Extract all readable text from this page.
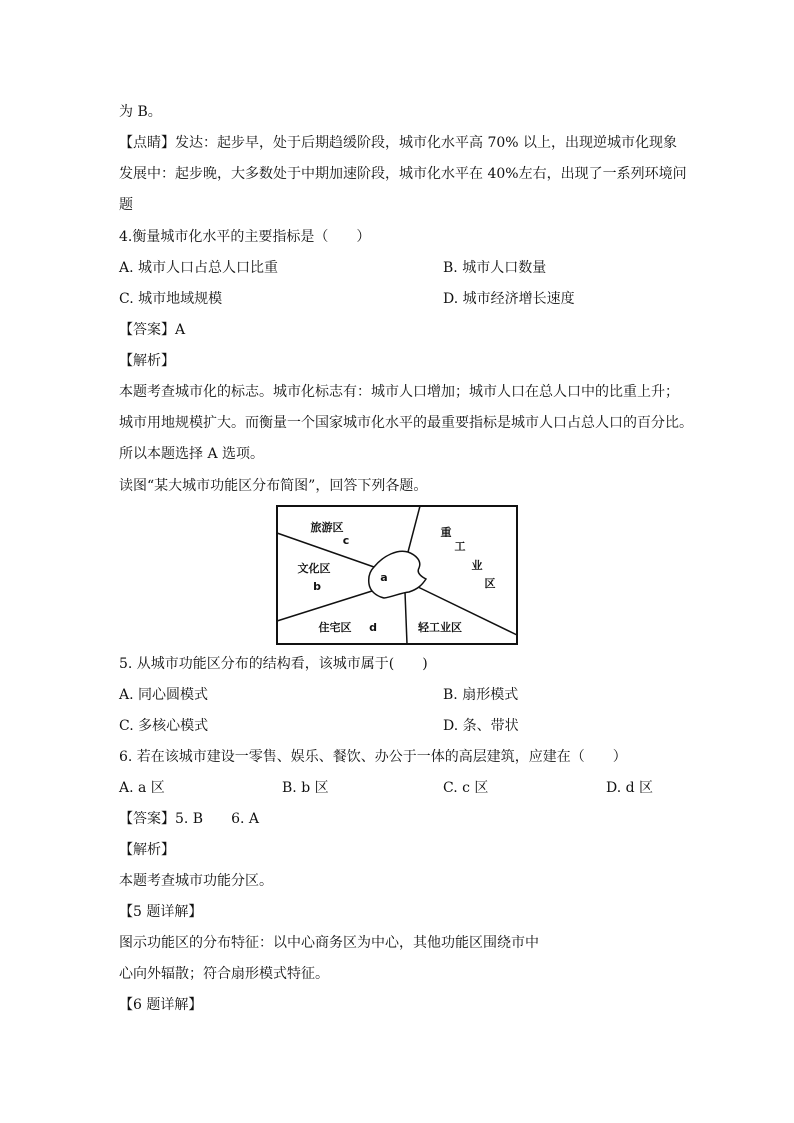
为 B。
【点睛】发达：起步早，处于后期趋缓阶段，城市化水平高 70% 以上，出现逆城市化现象
发展中：起步晚，大多数处于中期加速阶段，城市化水平在 40%左右，出现了一系列环境问
题
4.衡量城市化水平的主要指标是（　　）
A. 城市人口占总人口比重	B. 城市人口数量
C. 城市地域规模	D. 城市经济增长速度
【答案】A
【解析】
本题考查城市化的标志。城市化标志有：城市人口增加；城市人口在总人口中的比重上升；
城市用地规模扩大。而衡量一个国家城市化水平的最重要指标是城市人口占总人口的百分比。
所以本题选择 A 选项。
读图“某大城市功能区分布简图”，回答下列各题。
旅游区
c
文化区
b
a
重
工
业
区
住宅区 d	轻工业区
5. 从城市功能区分布的结构看，该城市属于(　　)
A. 同心圆模式	B. 扇形模式
C. 多核心模式	D. 条、带状
6. 若在该城市建设一零售、娱乐、餐饮、办公于一体的高层建筑，应建在（　　）
A. a 区	B. b 区	C. c 区	D. d 区
【答案】5. B　　6. A
【解析】
本题考查城市功能分区。
【5 题详解】
图示功能区的分布特征：以中心商务区为中心，其他功能区围绕市中
心向外辐散；符合扇形模式特征。
【6 题详解】
